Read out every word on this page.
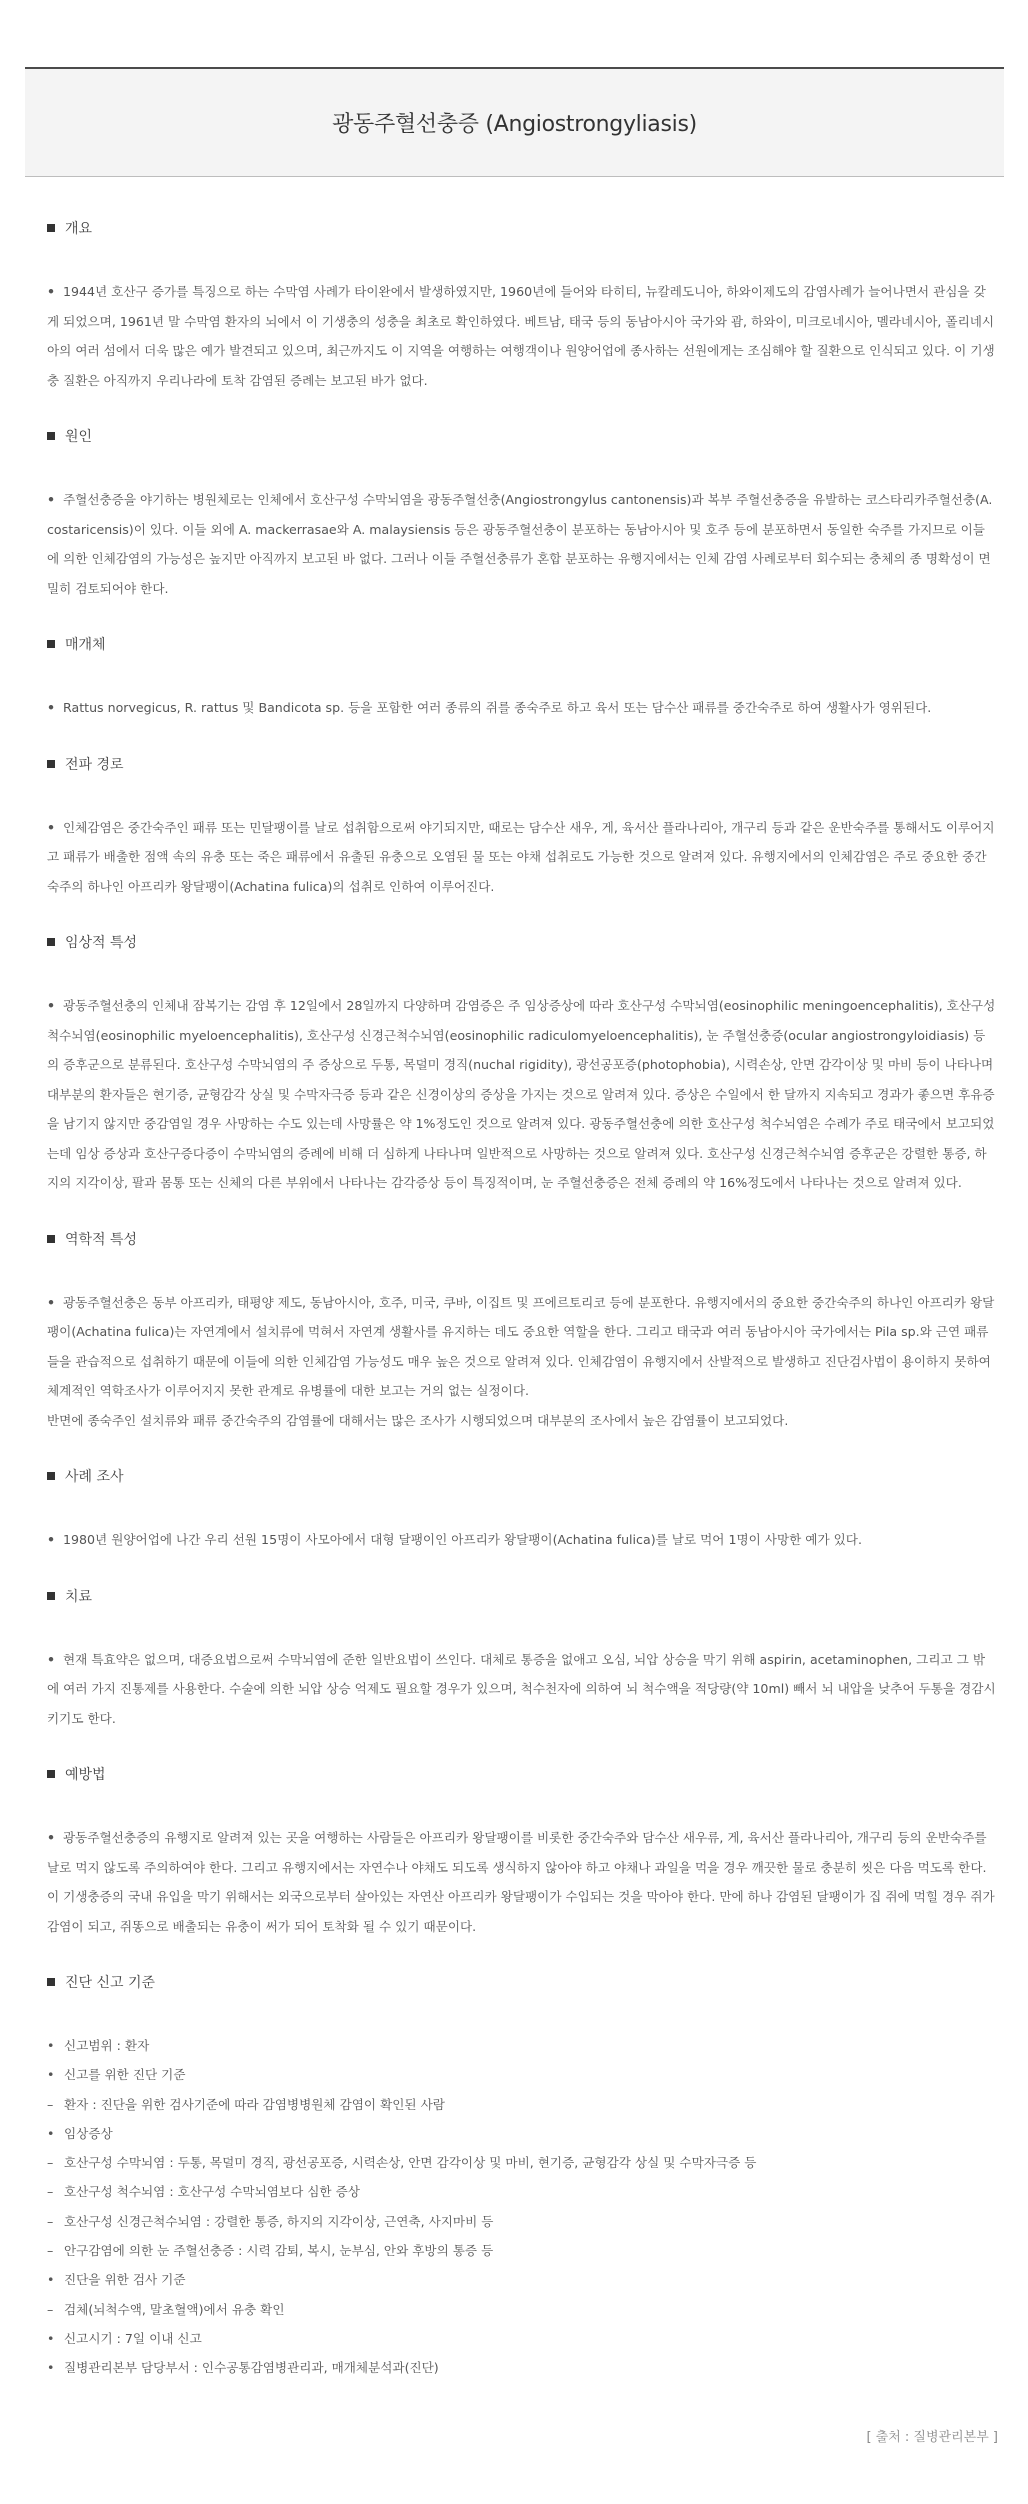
광동주혈선충증 (Angiostrongyliasis)
개요

• 1944년 호산구 증가를 특징으로 하는 수막염 사례가 타이완에서 발생하였지만, 1960년에 들어와 타히티, 뉴칼레도니아, 하와이제도의 감염사례가 늘어나면서 관심을 갖게 되었으며, 1961년 말 수막염 환자의 뇌에서 이 기생충의 성충을 최초로 확인하였다. 베트남, 태국 등의 동남아시아 국가와 괌, 하와이, 미크로네시아, 멜라네시아, 폴리네시아의 여러 섬에서 더욱 많은 예가 발견되고 있으며, 최근까지도 이 지역을 여행하는 여행객이나 원양어업에 종사하는 선원에게는 조심해야 할 질환으로 인식되고 있다. 이 기생충 질환은 아직까지 우리나라에 토착 감염된 증례는 보고된 바가 없다.

원인

• 주혈선충증을 야기하는 병원체로는 인체에서 호산구성 수막뇌염을 광동주혈선충(Angiostrongylus cantonensis)과 복부 주혈선충증을 유발하는 코스타리카주혈선충(A. costaricensis)이 있다. 이들 외에 A. mackerrasae와 A. malaysiensis 등은 광동주혈선충이 분포하는 동남아시아 및 호주 등에 분포하면서 동일한 숙주를 가지므로 이들에 의한 인체감염의 가능성은 높지만 아직까지 보고된 바 없다. 그러나 이들 주혈선충류가 혼합 분포하는 유행지에서는 인체 감염 사례로부터 회수되는 충체의 종 명확성이 면밀히 검토되어야 한다.

매개체

• Rattus norvegicus, R. rattus 및 Bandicota sp. 등을 포함한 여러 종류의 쥐를 종숙주로 하고 육서 또는 담수산 패류를 중간숙주로 하여 생활사가 영위된다.

전파 경로

• 인체감염은 중간숙주인 패류 또는 민달팽이를 날로 섭취함으로써 야기되지만, 때로는 담수산 새우, 게, 육서산 플라나리아, 개구리 등과 같은 운반숙주를 통해서도 이루어지고 패류가 배출한 점액 속의 유충 또는 죽은 패류에서 유출된 유충으로 오염된 물 또는 야채 섭취로도 가능한 것으로 알려져 있다. 유행지에서의 인체감염은 주로 중요한 중간숙주의 하나인 아프리카 왕달팽이(Achatina fulica)의 섭취로 인하여 이루어진다.

임상적 특성

• 광동주혈선충의 인체내 잠복기는 감염 후 12일에서 28일까지 다양하며 감염증은 주 임상증상에 따라 호산구성 수막뇌염(eosinophilic meningoencephalitis), 호산구성 척수뇌염(eosinophilic myeloencephalitis), 호산구성 신경근척수뇌염(eosinophilic radiculomyeloencephalitis), 눈 주혈선충증(ocular angiostrongyloidiasis) 등의 증후군으로 분류된다. 호산구성 수막뇌염의 주 증상으로 두통, 목덜미 경직(nuchal rigidity), 광선공포증(photophobia), 시력손상, 안면 감각이상 및 마비 등이 나타나며 대부분의 환자들은 현기증, 균형감각 상실 및 수막자극증 등과 같은 신경이상의 증상을 가지는 것으로 알려져 있다. 증상은 수일에서 한 달까지 지속되고 경과가 좋으면 후유증을 남기지 않지만 중감염일 경우 사망하는 수도 있는데 사망률은 약 1%정도인 것으로 알려져 있다. 광동주혈선충에 의한 호산구성 척수뇌염은 수례가 주로 태국에서 보고되었는데 임상 증상과 호산구증다증이 수막뇌염의 증례에 비해 더 심하게 나타나며 일반적으로 사망하는 것으로 알려져 있다. 호산구성 신경근척수뇌염 증후군은 강렬한 통증, 하지의 지각이상, 팔과 몸통 또는 신체의 다른 부위에서 나타나는 감각증상 등이 특징적이며, 눈 주혈선충증은 전체 증례의 약 16%정도에서 나타나는 것으로 알려져 있다.

역학적 특성

• 광동주혈선충은 동부 아프리카, 태평양 제도, 동남아시아, 호주, 미국, 쿠바, 이집트 및 프에르토리코 등에 분포한다. 유행지에서의 중요한 중간숙주의 하나인 아프리카 왕달팽이(Achatina fulica)는 자연계에서 설치류에 먹혀서 자연계 생활사를 유지하는 데도 중요한 역할을 한다. 그리고 태국과 여러 동남아시아 국가에서는 Pila sp.와 근연 패류들을 관습적으로 섭취하기 때문에 이들에 의한 인체감염 가능성도 매우 높은 것으로 알려져 있다. 인체감염이 유행지에서 산발적으로 발생하고 진단검사법이 용이하지 못하여 체계적인 역학조사가 이루어지지 못한 관계로 유병률에 대한 보고는 거의 없는 실정이다.
반면에 종숙주인 설치류와 패류 중간숙주의 감염률에 대해서는 많은 조사가 시행되었으며 대부분의 조사에서 높은 감염률이 보고되었다.

사례 조사

• 1980년 원양어업에 나간 우리 선원 15명이 사모아에서 대형 달팽이인 아프리카 왕달팽이(Achatina fulica)를 날로 먹어 1명이 사망한 예가 있다.

치료

• 현재 특효약은 없으며, 대증요법으로써 수막뇌염에 준한 일반요법이 쓰인다. 대체로 통증을 없애고 오심, 뇌압 상승을 막기 위해 aspirin, acetaminophen, 그리고 그 밖에 여러 가지 진통제를 사용한다. 수술에 의한 뇌압 상승 억제도 필요할 경우가 있으며, 척수천자에 의하여 뇌 척수액을 적당량(약 10ml) 빼서 뇌 내압을 낮추어 두통을 경감시키기도 한다.

예방법

• 광동주혈선충증의 유행지로 알려져 있는 곳을 여행하는 사람들은 아프리카 왕달팽이를 비롯한 중간숙주와 담수산 새우류, 게, 육서산 플라나리아, 개구리 등의 운반숙주를 날로 먹지 않도록 주의하여야 한다. 그리고 유행지에서는 자연수나 야채도 되도록 생식하지 않아야 하고 야채나 과일을 먹을 경우 깨끗한 물로 충분히 씻은 다음 먹도록 한다. 이 기생충증의 국내 유입을 막기 위해서는 외국으로부터 살아있는 자연산 아프리카 왕달팽이가 수입되는 것을 막아야 한다. 만에 하나 감염된 달팽이가 집 쥐에 먹힐 경우 쥐가 감염이 되고, 쥐똥으로 배출되는 유충이 써가 되어 토착화 될 수 있기 때문이다.

진단 신고 기준
• 신고범위 : 환자
• 신고를 위한 진단 기준
– 환자 : 진단을 위한 검사기준에 따라 감염병병원체 감염이 확인된 사람
• 임상증상
– 호산구성 수막뇌염 : 두통, 목덜미 경직, 광선공포증, 시력손상, 안면 감각이상 및 마비, 현기증, 균형감각 상실 및 수막자극증 등
– 호산구성 척수뇌염 : 호산구성 수막뇌염보다 심한 증상
– 호산구성 신경근척수뇌염 : 강렬한 통증, 하지의 지각이상, 근연축, 사지마비 등
– 안구감염에 의한 눈 주혈선충증 : 시력 감퇴, 복시, 눈부심, 안와 후방의 통증 등
• 진단을 위한 검사 기준
– 검체(뇌척수액, 말초혈액)에서 유충 확인
• 신고시기 : 7일 이내 신고
• 질병관리본부 담당부서 : 인수공통감염병관리과, 매개체분석과(진단)
[ 출처 : 질병관리본부 ]
